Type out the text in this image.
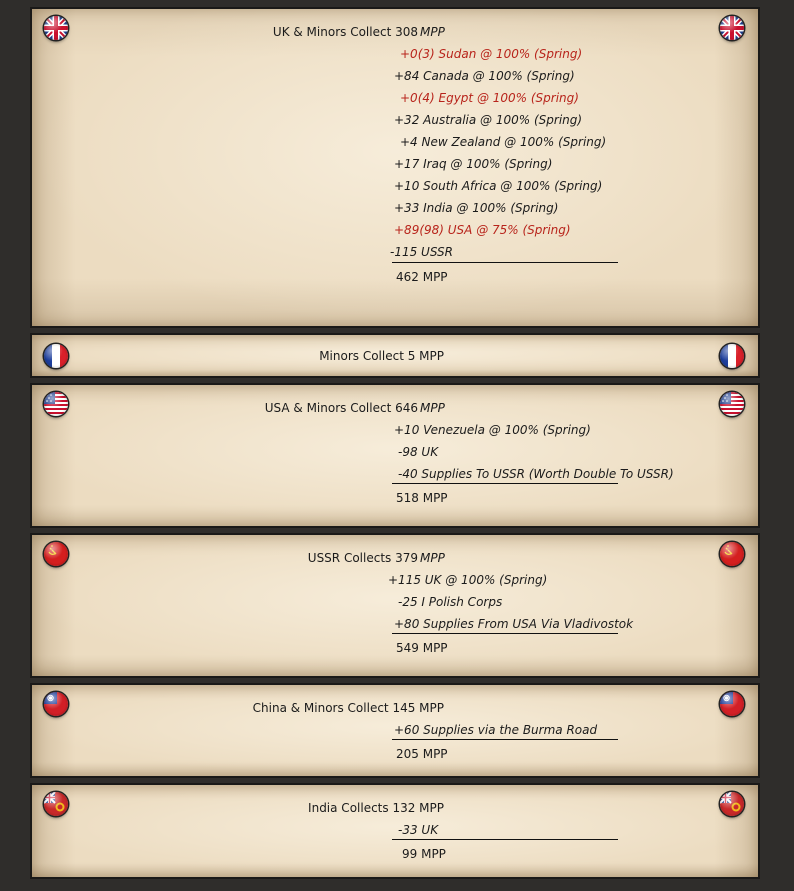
UK & Minors Collect 308 MPP
+0(3) Sudan @ 100% (Spring)
+84 Canada @ 100% (Spring)
+0(4) Egypt @ 100% (Spring)
+32 Australia @ 100% (Spring)
+4 New Zealand @ 100% (Spring)
+17 Iraq @ 100% (Spring)
+10 South Africa @ 100% (Spring)
+33 India @ 100% (Spring)
+89(98) USA @ 75% (Spring)
-115 USSR
462 MPP
Minors Collect 5 MPP
USA & Minors Collect 646 MPP
+10 Venezuela @ 100% (Spring)
-98 UK
-40 Supplies To USSR (Worth Double To USSR)
518 MPP
USSR Collects 379 MPP
+115 UK @ 100% (Spring)
-25 I Polish Corps
+80 Supplies From USA Via Vladivostok
549 MPP
China & Minors Collect 145 MPP
+60 Supplies via the Burma Road
205 MPP
India Collects 132 MPP
-33 UK
99 MPP
